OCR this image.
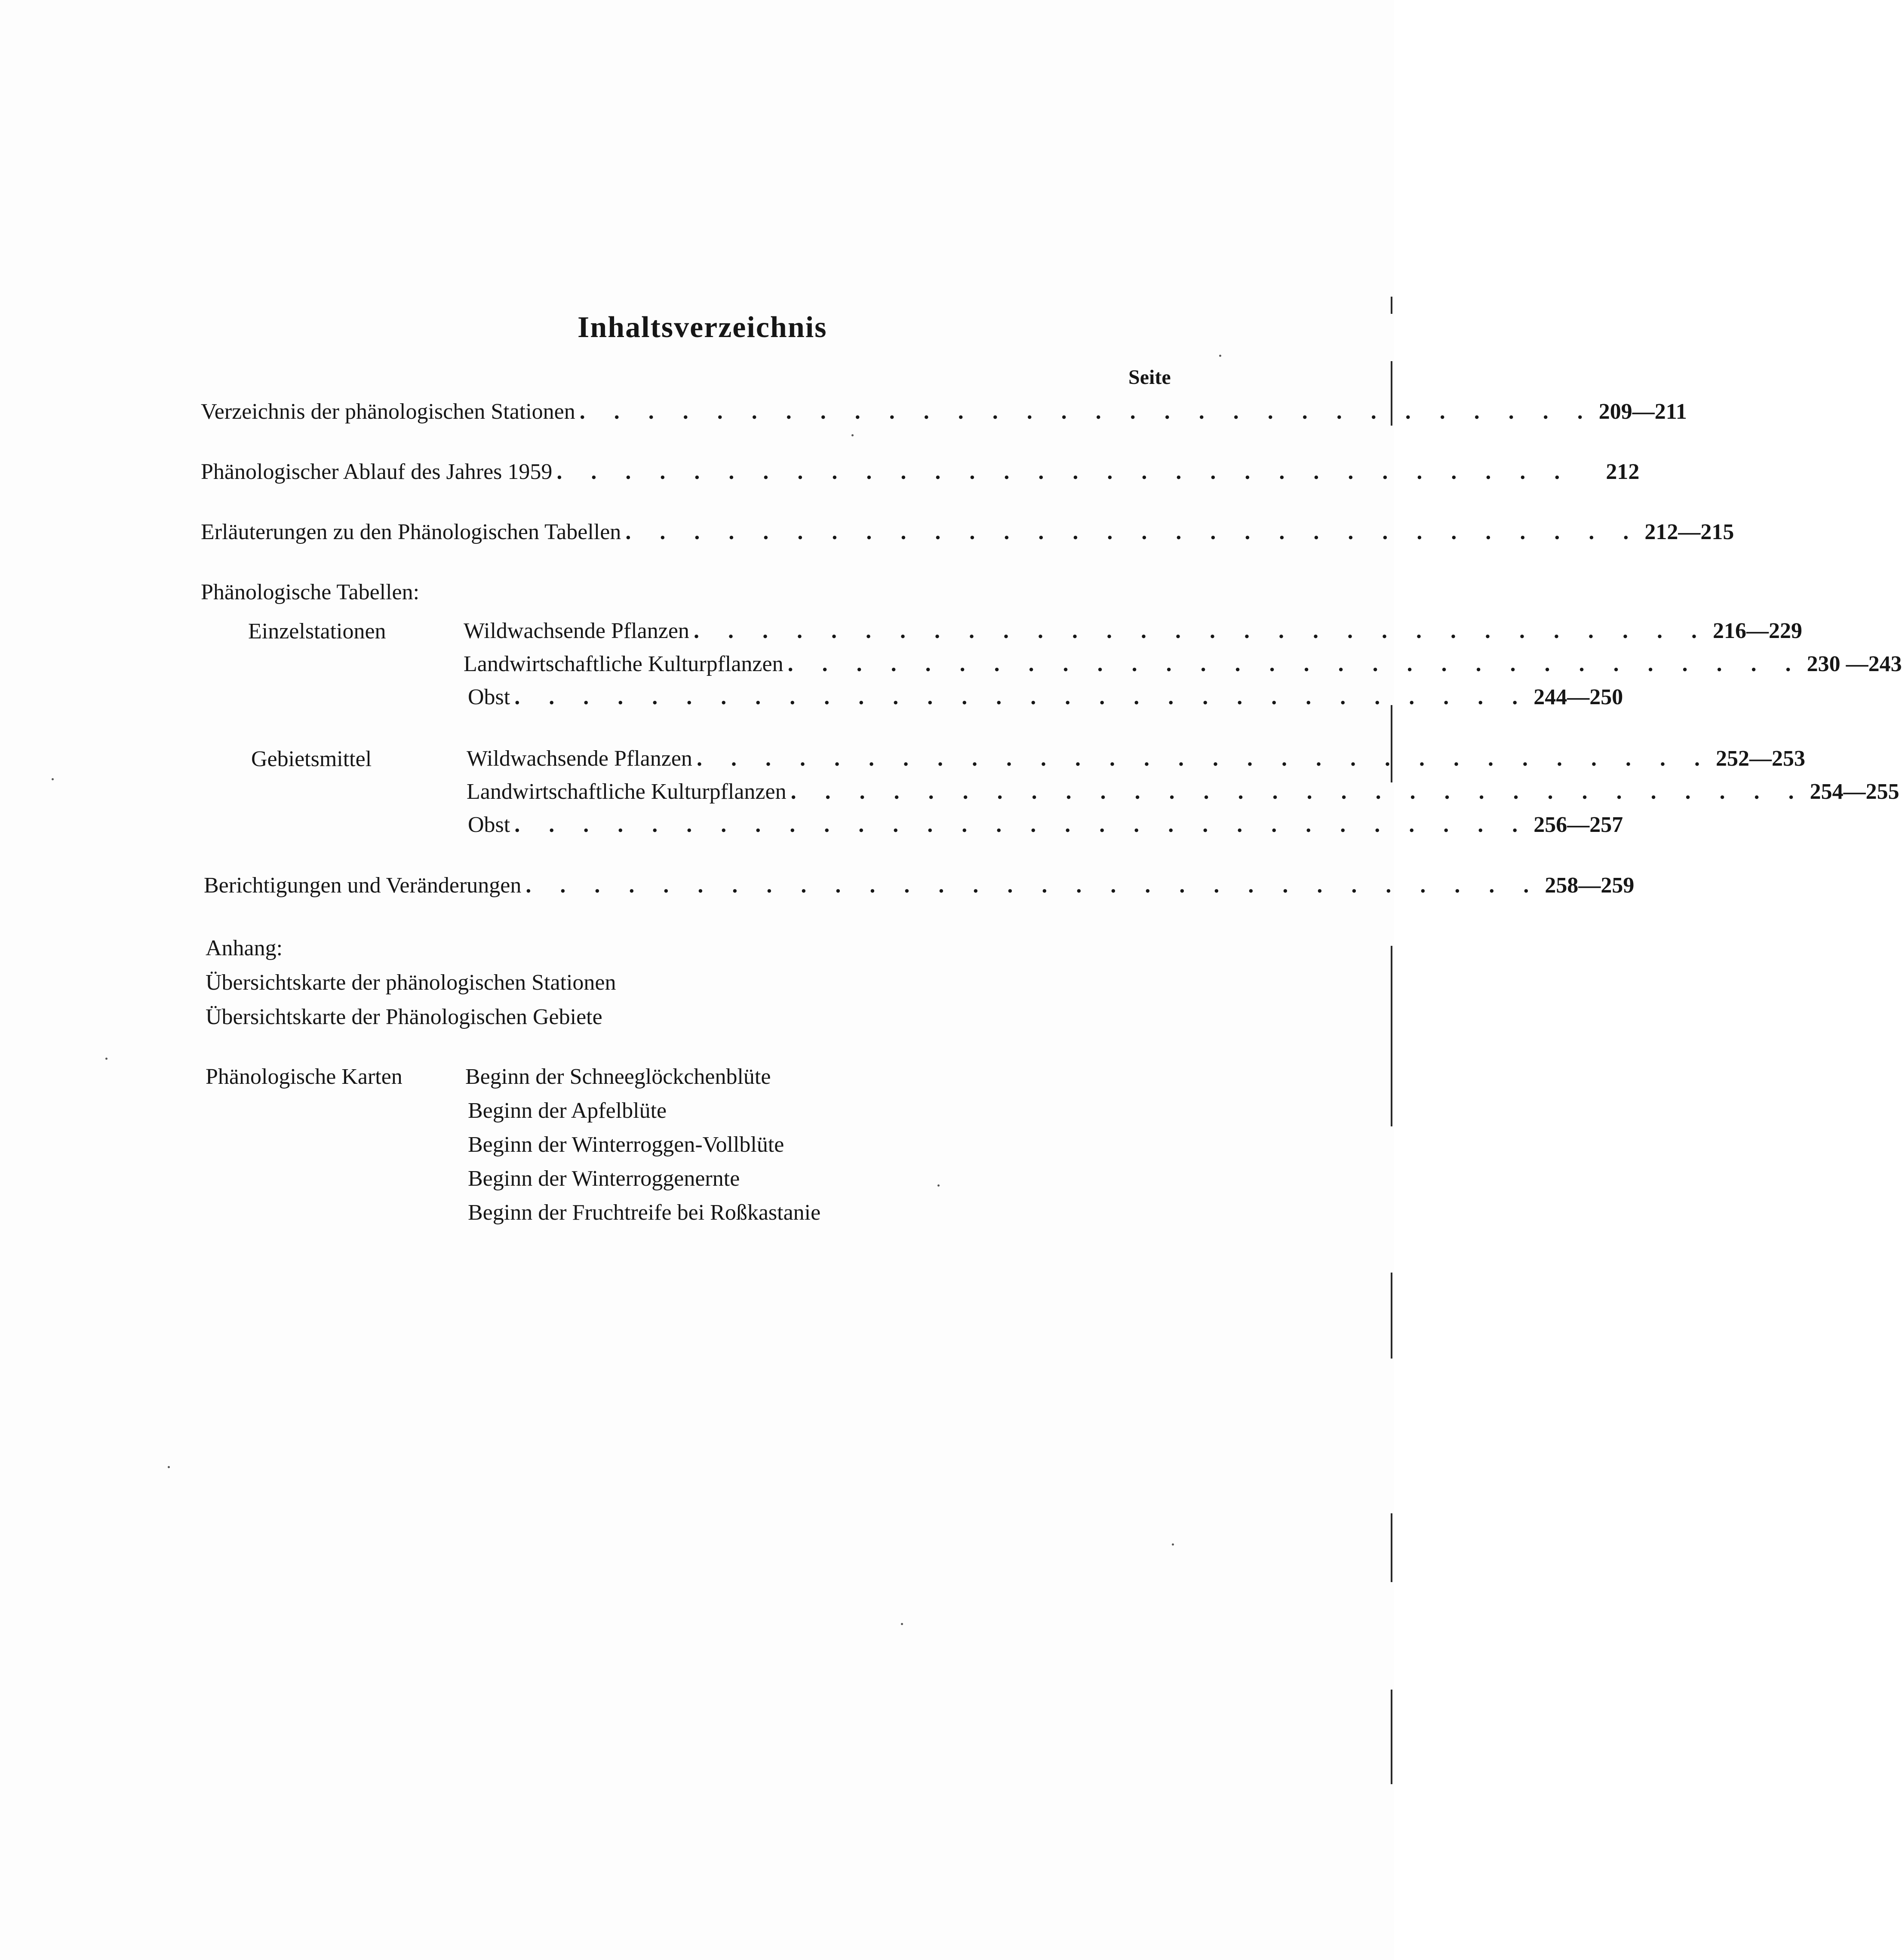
Inhaltsverzeichnis
Seite
Verzeichnis der phänologischen Stationen . . . . . . . . . . . . . . . . . . . . . . . . . . . . . . 209—211
Phänologischer Ablauf des Jahres 1959 . . . . . . . . . . . . . . . . . . . . . . . . . . . . . . 212
Erläuterungen zu den Phänologischen Tabellen . . . . . . . . . . . . . . . . . . . . . . . . . . . . . . 212—215
Phänologische Tabellen:
Einzelstationen	Wildwachsende Pflanzen . . . . . . . . . . . . . . . . . . . . . . . . . . . . . . 216—229
Landwirtschaftliche Kulturpflanzen . . . . . . . . . . . . . . . . . . . . . . . . . . . . . . 230 —243
Obst . . . . . . . . . . . . . . . . . . . . . . . . . . . . . . 244—250
Gebietsmittel	Wildwachsende Pflanzen . . . . . . . . . . . . . . . . . . . . . . . . . . . . . . 252—253
Landwirtschaftliche Kulturpflanzen . . . . . . . . . . . . . . . . . . . . . . . . . . . . . . 254—255
Obst . . . . . . . . . . . . . . . . . . . . . . . . . . . . . . 256—257
Berichtigungen und Veränderungen . . . . . . . . . . . . . . . . . . . . . . . . . . . . . . 258—259
Anhang:
Übersichtskarte der phänologischen Stationen
Übersichtskarte der Phänologischen Gebiete
Phänologische Karten	Beginn der Schneeglöckchenblüte
Beginn der Apfelblüte
Beginn der Winterroggen-Vollblüte
Beginn der Winterroggenernte
Beginn der Fruchtreife bei Roßkastanie
